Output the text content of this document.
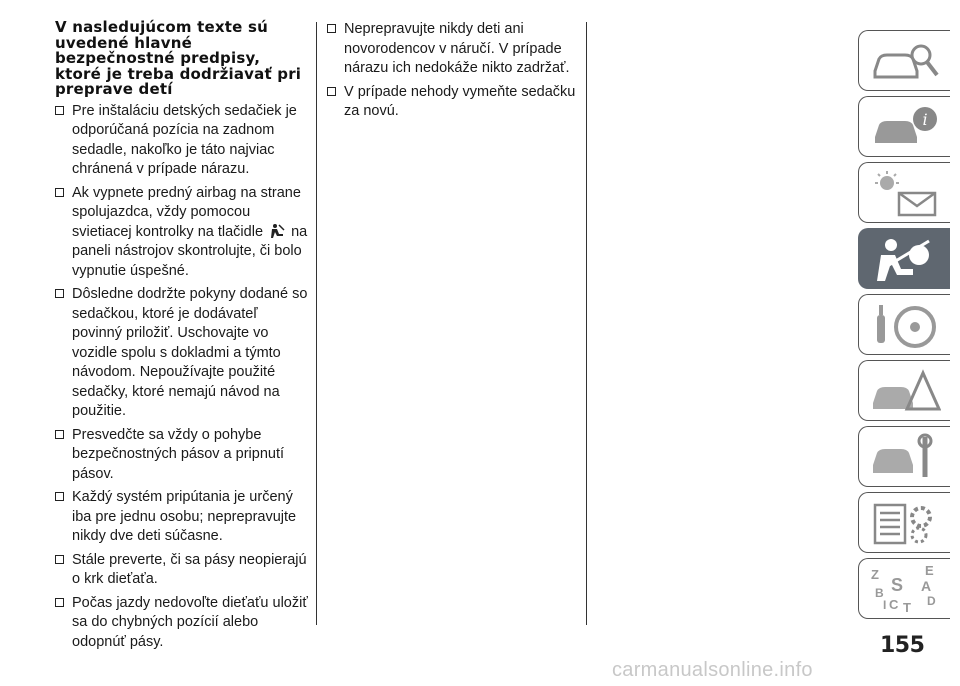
V nasledujúcom texte sú uvedené hlavné bezpečnostné predpisy, ktoré je treba dodržiavať pri preprave detí
Pre inštaláciu detských sedačiek je odporúčaná pozícia na zadnom sedadle, nakoľko je táto najviac chránená v prípade nárazu.
Ak vypnete predný airbag na strane spolujazdca, vždy pomocou svietiacej kontrolky na tlačidle na paneli nástrojov skontrolujte, či bolo vypnutie úspešné.
Dôsledne dodržte pokyny dodané so sedačkou, ktoré je dodávateľ povinný priložiť. Uschovajte vo vozidle spolu s dokladmi a týmto návodom. Nepoužívajte použité sedačky, ktoré nemajú návod na použitie.
Presvedčte sa vždy o pohybe bezpečnostných pásov a pripnutí pásov.
Každý systém pripútania je určený iba pre jednu osobu; neprepravujte nikdy dve deti súčasne.
Stále preverte, či sa pásy neopierajú o krk dieťaťa.
Počas jazdy nedovoľte dieťaťu uložiť sa do chybných pozícií alebo odopnúť pásy.
Neprepravujte nikdy deti ani novorodencov v náručí. V prípade nárazu ich nedokáže nikto zadržať.
V prípade nehody vymeňte sedačku za novú.	i
Z	E
A
B S
D
I C T
155
carmanualsonline.info
